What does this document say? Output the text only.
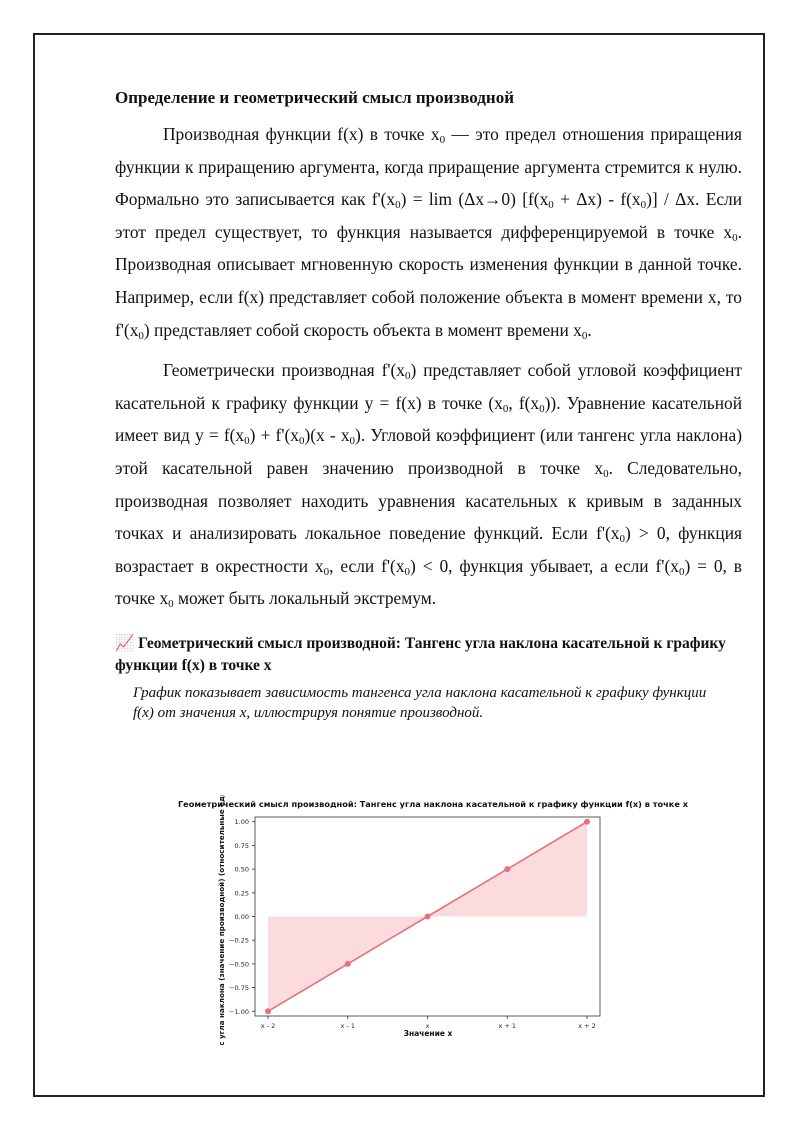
Определение и геометрический смысл производной

Производная функции f(x) в точке $x_0$ — это предел отношения приращения функции к приращению аргумента, когда приращение аргумента стремится к нулю. Формально это записывается как $f'(x_0) = \lim (\Delta x\to 0) [f(x_0 + \Delta x) - f(x_0)] / \Delta x$. Если этот предел существует, то функция называется дифференцируемой в точке $x_0$. Производная описывает мгновенную скорость изменения функции в данной точке. Например, если f(x) представляет собой положение объекта в момент времени x, то $f'(x_0)$ представляет собой скорость объекта в момент времени $x_0$.

Геометрически производная $f'(x_0)$ представляет собой угловой коэффициент касательной к графику функции y = f(x) в точке ($x_0$, $f(x_0)$). Уравнение касательной имеет вид $y = f(x_0) + f'(x_0)(x - x_0)$. Угловой коэффициент (или тангенс угла наклона) этой касательной равен значению производной в точке $x_0$. Следовательно, производная позволяет находить уравнения касательных к кривым в заданных точках и анализировать локальное поведение функций. Если $f'(x_0) > 0$, функция возрастает в окрестности $x_0$, если $f'(x_0) < 0$, функция убывает, а если $f'(x_0) = 0$, в точке $x_0$ может быть локальный экстремум.

📈 Геометрический смысл производной: Тангенс угла наклона касательной к графику функции f(x) в точке x
График показывает зависимость тангенса угла наклона касательной к графику функции f(x) от значения x, иллюстрируя понятие производной.
Геометрический смысл производной: Тангенс угла наклона касательной к графику функции f(x) в точке x
Значение x
Тангенс угла наклона (значение производной) (относительные единицы) 1.00
0.75
0.50
0.25
0.00
−0.25
−0.50
−0.75
−1.00
x - 2	x - 1	x	x + 1	x + 2
